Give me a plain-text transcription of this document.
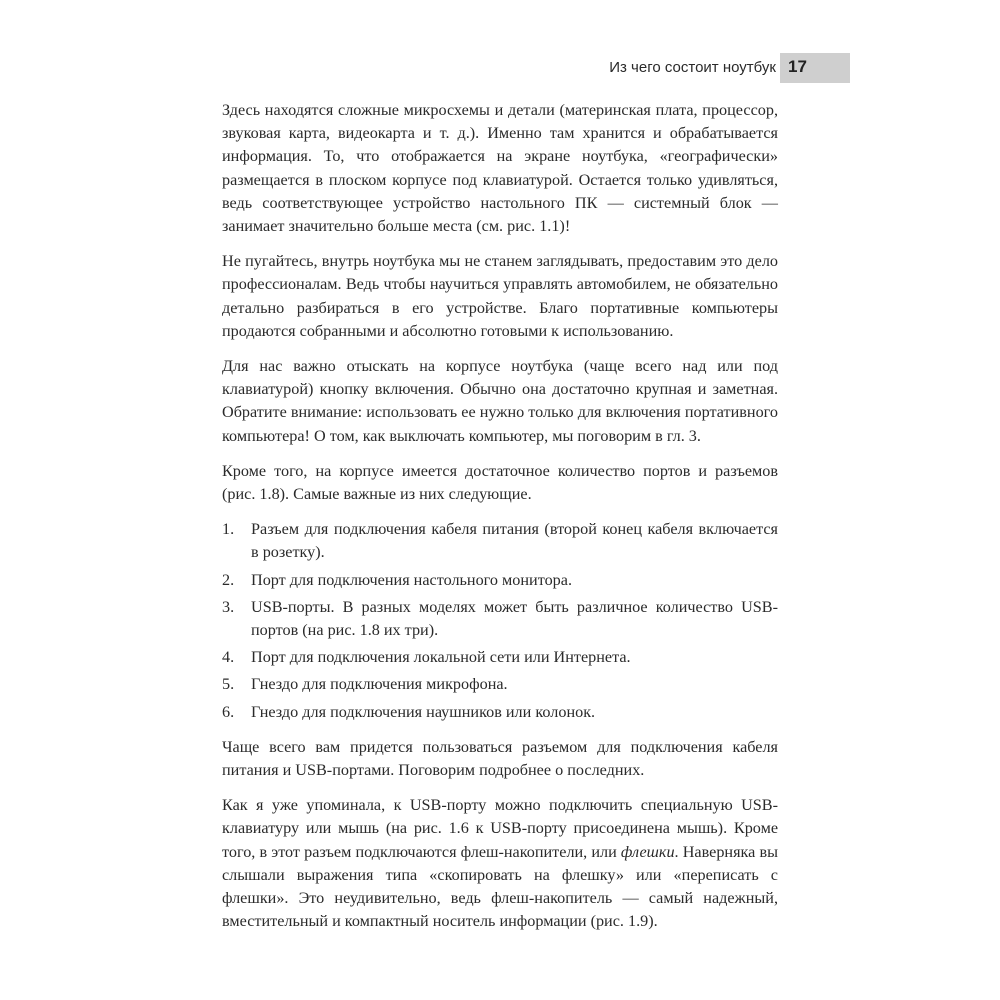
Из чего состоит ноутбук 17

Здесь находятся сложные микросхемы и детали (материнская плата, процессор, звуковая карта, видеокарта и т. д.). Именно там хранится и обрабатывается информация. То, что отображается на экране ноутбука, «географически» размещается в плоском корпусе под клавиатурой. Остается только удивляться, ведь соответствующее устройство настольного ПК — системный блок — занимает значительно больше места (см. рис. 1.1)!

Не пугайтесь, внутрь ноутбука мы не станем заглядывать, предоставим это дело профессионалам. Ведь чтобы научиться управлять автомобилем, не обязательно детально разбираться в его устройстве. Благо портативные компьютеры продаются собранными и абсолютно готовыми к использованию.

Для нас важно отыскать на корпусе ноутбука (чаще всего над или под клавиатурой) кнопку включения. Обычно она достаточно крупная и заметная. Обратите внимание: использовать ее нужно только для включения портативного компьютера! О том, как выключать компьютер, мы поговорим в гл. 3.

Кроме того, на корпусе имеется достаточное количество портов и разъемов (рис. 1.8). Самые важные из них следующие.

1. Разъем для подключения кабеля питания (второй конец кабеля включается в розетку).
2. Порт для подключения настольного монитора.
3. USB-порты. В разных моделях может быть различное количество USB-портов (на рис. 1.8 их три).
4. Порт для подключения локальной сети или Интернета.
5. Гнездо для подключения микрофона.
6. Гнездо для подключения наушников или колонок.

Чаще всего вам придется пользоваться разъемом для подключения кабеля питания и USB-портами. Поговорим подробнее о последних.

Как я уже упоминала, к USB-порту можно подключить специальную USB-клавиатуру или мышь (на рис. 1.6 к USB-порту присоединена мышь). Кроме того, в этот разъем подключаются флеш-накопители, или флешки. Наверняка вы слышали выражения типа «скопировать на флешку» или «переписать с флешки». Это неудивительно, ведь флеш-накопитель — самый надежный, вместительный и компактный носитель информации (рис. 1.9).
